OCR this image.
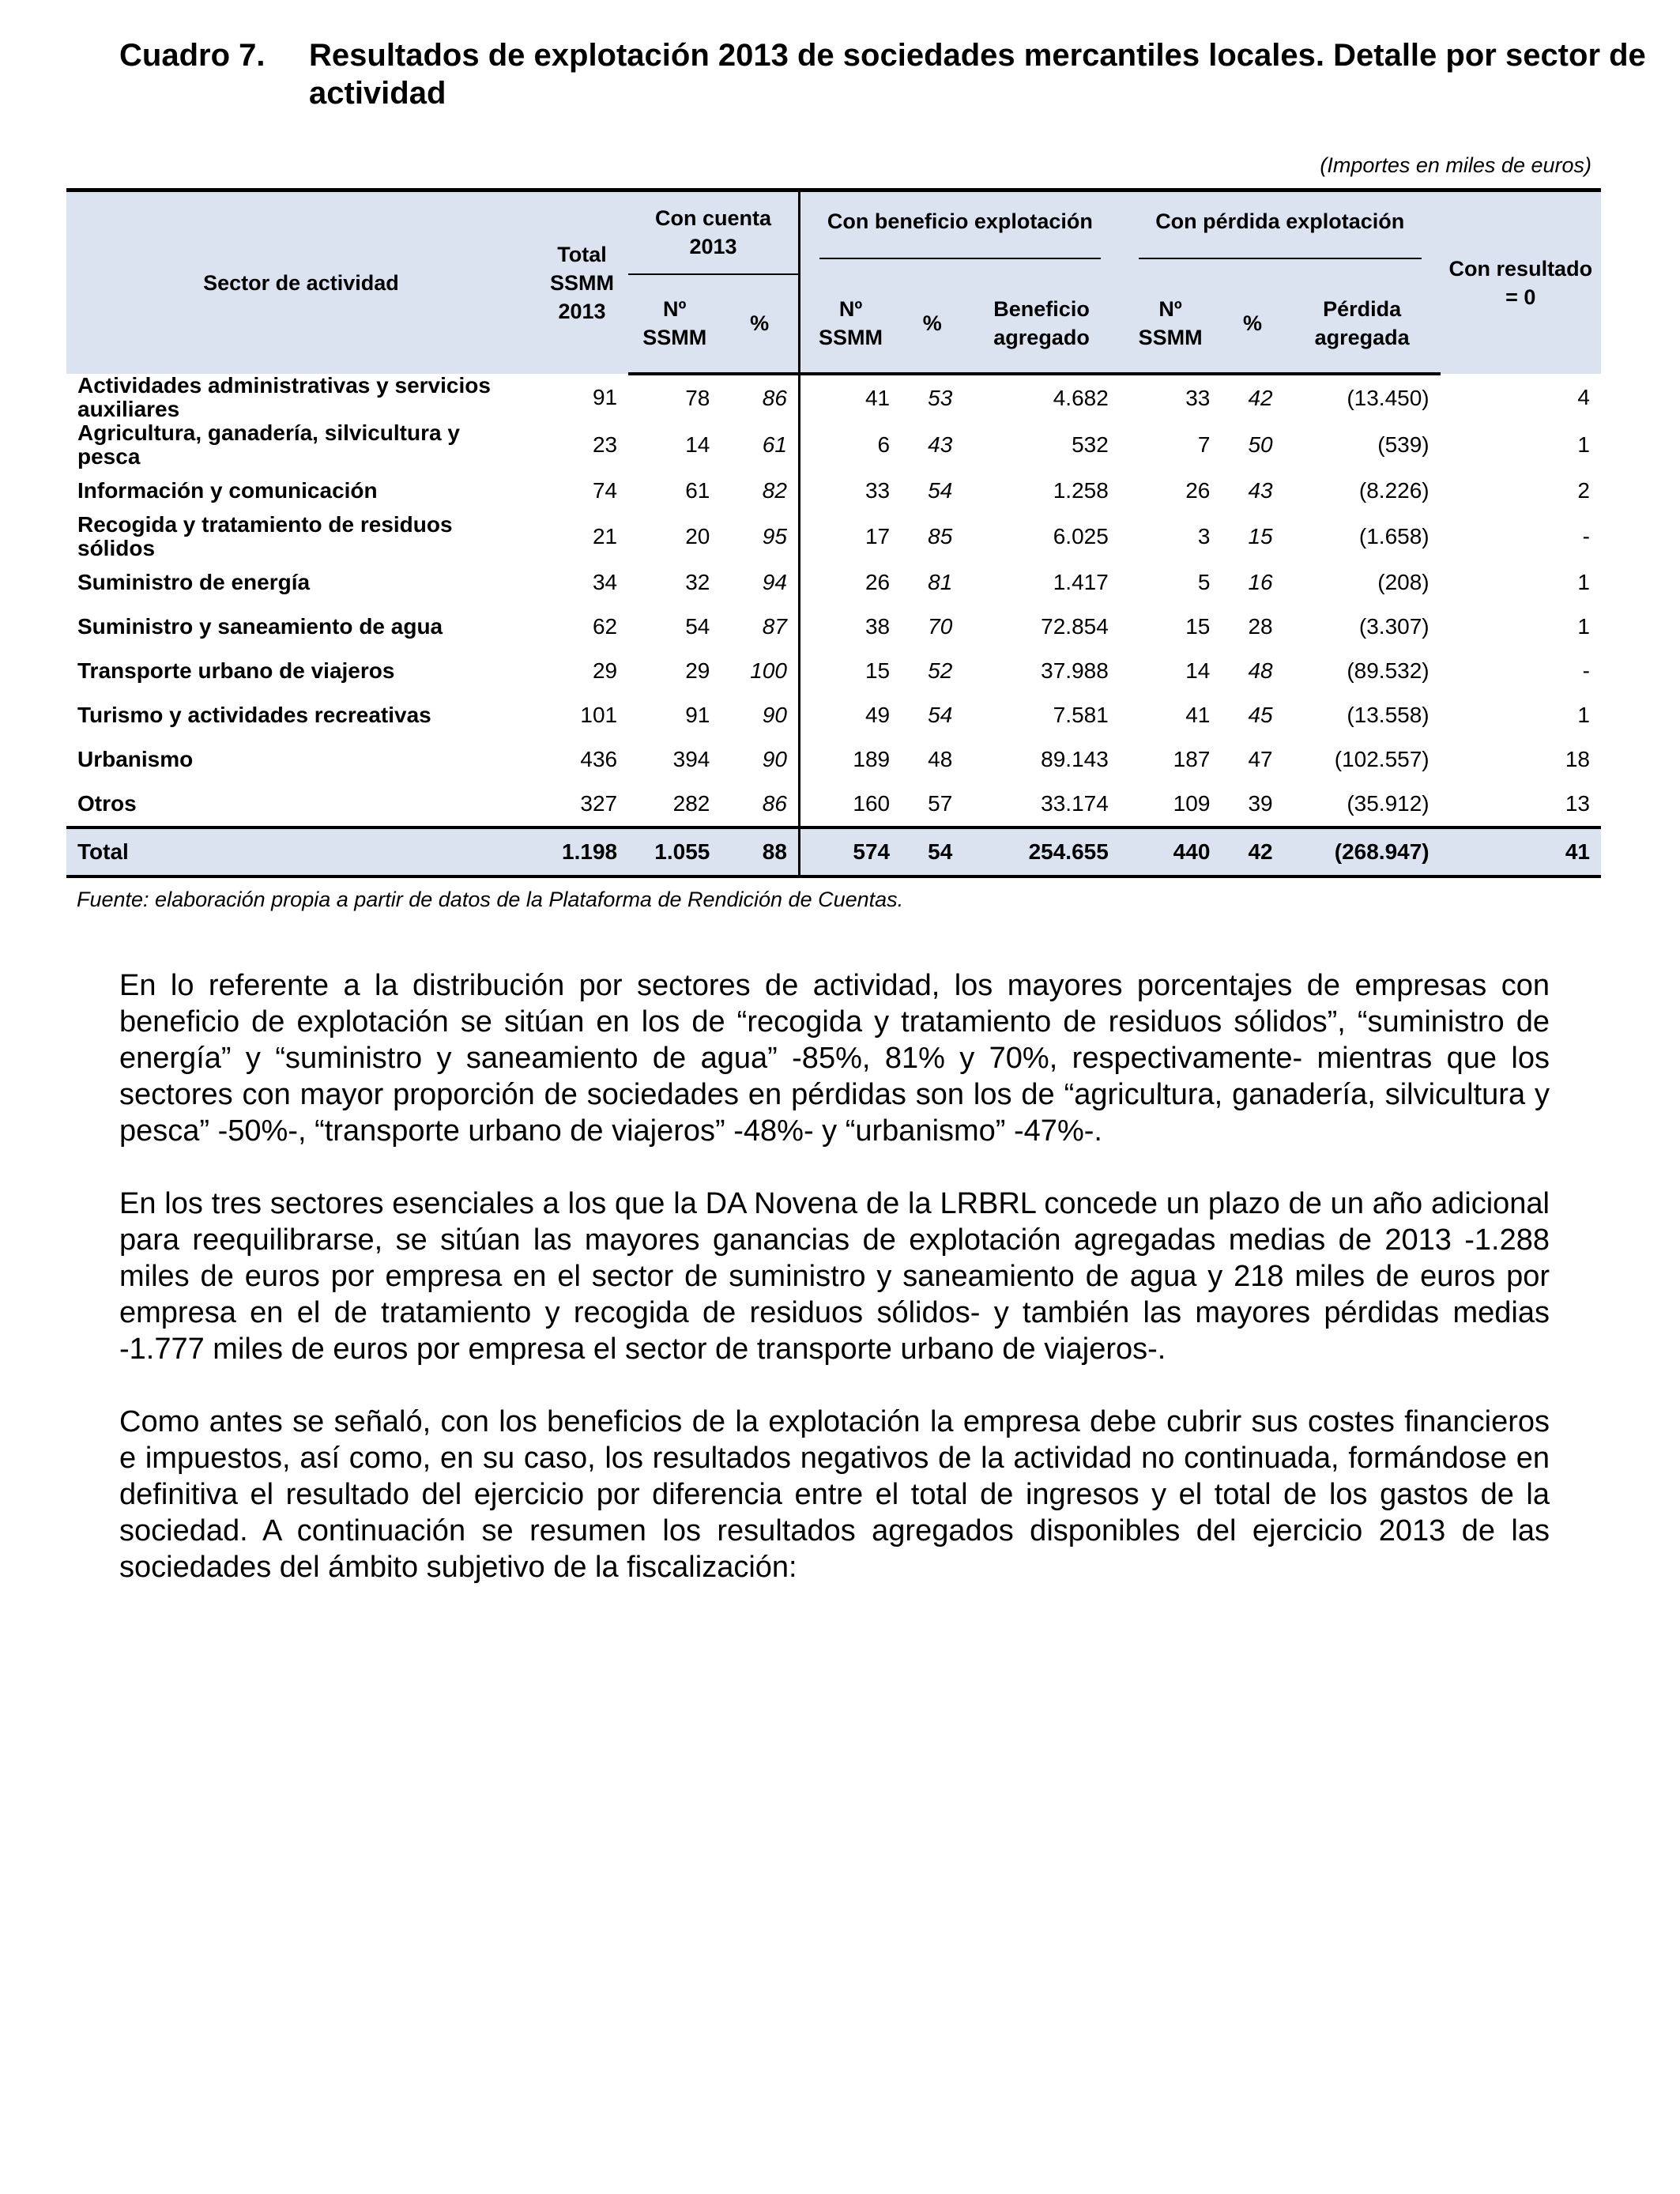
Cuadro 7. Resultados de explotación 2013 de sociedades mercantiles locales. Detalle por sector de actividad
(Importes en miles de euros)
Sector de actividad	Total SSMM 2013	Con cuenta 2013		Con beneficio explotación			Con pérdida explotación			Con resultado = 0
		Nº SSMM	%	Nº SSMM	%	Beneficio agregado	Nº SSMM	%	Pérdida agregada	
Actividades administrativas y servicios auxiliares	91	78	86	41	53	4.682	33	42	(13.450)	4
Agricultura, ganadería, silvicultura y pesca	23	14	61	6	43	532	7	50	(539)	1
Información y comunicación	74	61	82	33	54	1.258	26	43	(8.226)	2
Recogida y tratamiento de residuos sólidos	21	20	95	17	85	6.025	3	15	(1.658)	-
Suministro de energía	34	32	94	26	81	1.417	5	16	(208)	1
Suministro y saneamiento de agua	62	54	87	38	70	72.854	15	28	(3.307)	1
Transporte urbano de viajeros	29	29	100	15	52	37.988	14	48	(89.532)	-
Turismo y actividades recreativas	101	91	90	49	54	7.581	41	45	(13.558)	1
Urbanismo	436	394	90	189	48	89.143	187	47	(102.557)	18
Otros	327	282	86	160	57	33.174	109	39	(35.912)	13
Total	1.198	1.055	88	574	54	254.655	440	42	(268.947)	41
Fuente: elaboración propia a partir de datos de la Plataforma de Rendición de Cuentas.
En lo referente a la distribución por sectores de actividad, los mayores porcentajes de empresas con beneficio de explotación se sitúan en los de “recogida y tratamiento de residuos sólidos”, “suministro de energía” y “suministro y saneamiento de agua” -85%, 81% y 70%, respectivamente- mientras que los sectores con mayor proporción de sociedades en pérdidas son los de “agricultura, ganadería, silvicultura y pesca” -50%-, “transporte urbano de viajeros” -48%- y “urbanismo” -47%-.
En los tres sectores esenciales a los que la DA Novena de la LRBRL concede un plazo de un año adicional para reequilibrarse, se sitúan las mayores ganancias de explotación agregadas medias de 2013 -1.288 miles de euros por empresa en el sector de suministro y saneamiento de agua y 218 miles de euros por empresa en el de tratamiento y recogida de residuos sólidos- y también las mayores pérdidas medias -1.777 miles de euros por empresa el sector de transporte urbano de viajeros-.
Como antes se señaló, con los beneficios de la explotación la empresa debe cubrir sus costes financieros e impuestos, así como, en su caso, los resultados negativos de la actividad no continuada, formándose en definitiva el resultado del ejercicio por diferencia entre el total de ingresos y el total de los gastos de la sociedad. A continuación se resumen los resultados agregados disponibles del ejercicio 2013 de las sociedades del ámbito subjetivo de la fiscalización:
